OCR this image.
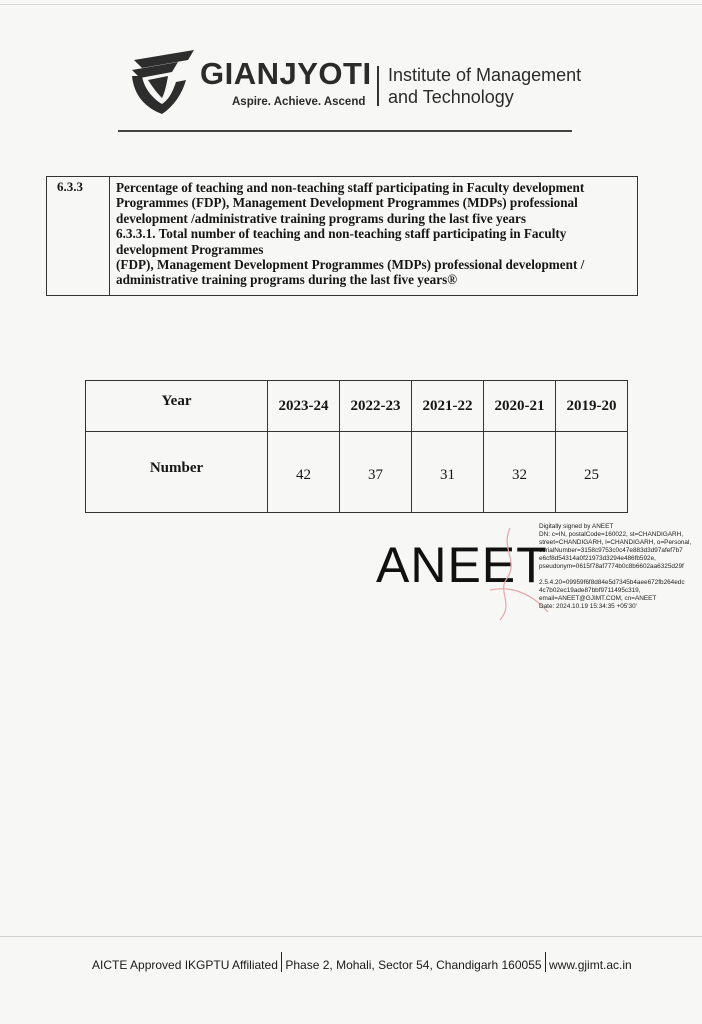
GIANJYOTI
Aspire. Achieve. Ascend
Institute of Management
and Technology
6.3.3	Percentage of teaching and non-teaching staff participating in Faculty development
Programmes (FDP), Management Development Programmes (MDPs) professional
development /administrative training programs during the last five years
6.3.3.1. Total number of teaching and non-teaching staff participating in Faculty
development Programmes
(FDP), Management Development Programmes (MDPs) professional development /
administrative training programs during the last five years®
Year	2023-24	2022-23	2021-22	2020-21	2019-20
Number	42	37	31	32	25
ANEET
Digitally signed by ANEET
DN: c=IN, postalCode=160022, st=CHANDIGARH,
street=CHANDIGARH, l=CHANDIGARH, o=Personal,
serialNumber=3158c9753c0c47e883d3d97afef7b7
e6cf8d54314a0f21973d3294e486fb592e,
pseudonym=0615f78af7774b0c8b6602aa6325d29f
2.5.4.20=09959f6f8d84e5d7345b4aee672fb264edc
4c7b02ec19ade87bbf9711495c319,
email=ANEET@GJIMT.COM, cn=ANEET
Date: 2024.10.19 15:34:35 +05'30'
AICTE Approved IKGPTU Affiliated Phase 2, Mohali, Sector 54, Chandigarh 160055 www.gjimt.ac.in
